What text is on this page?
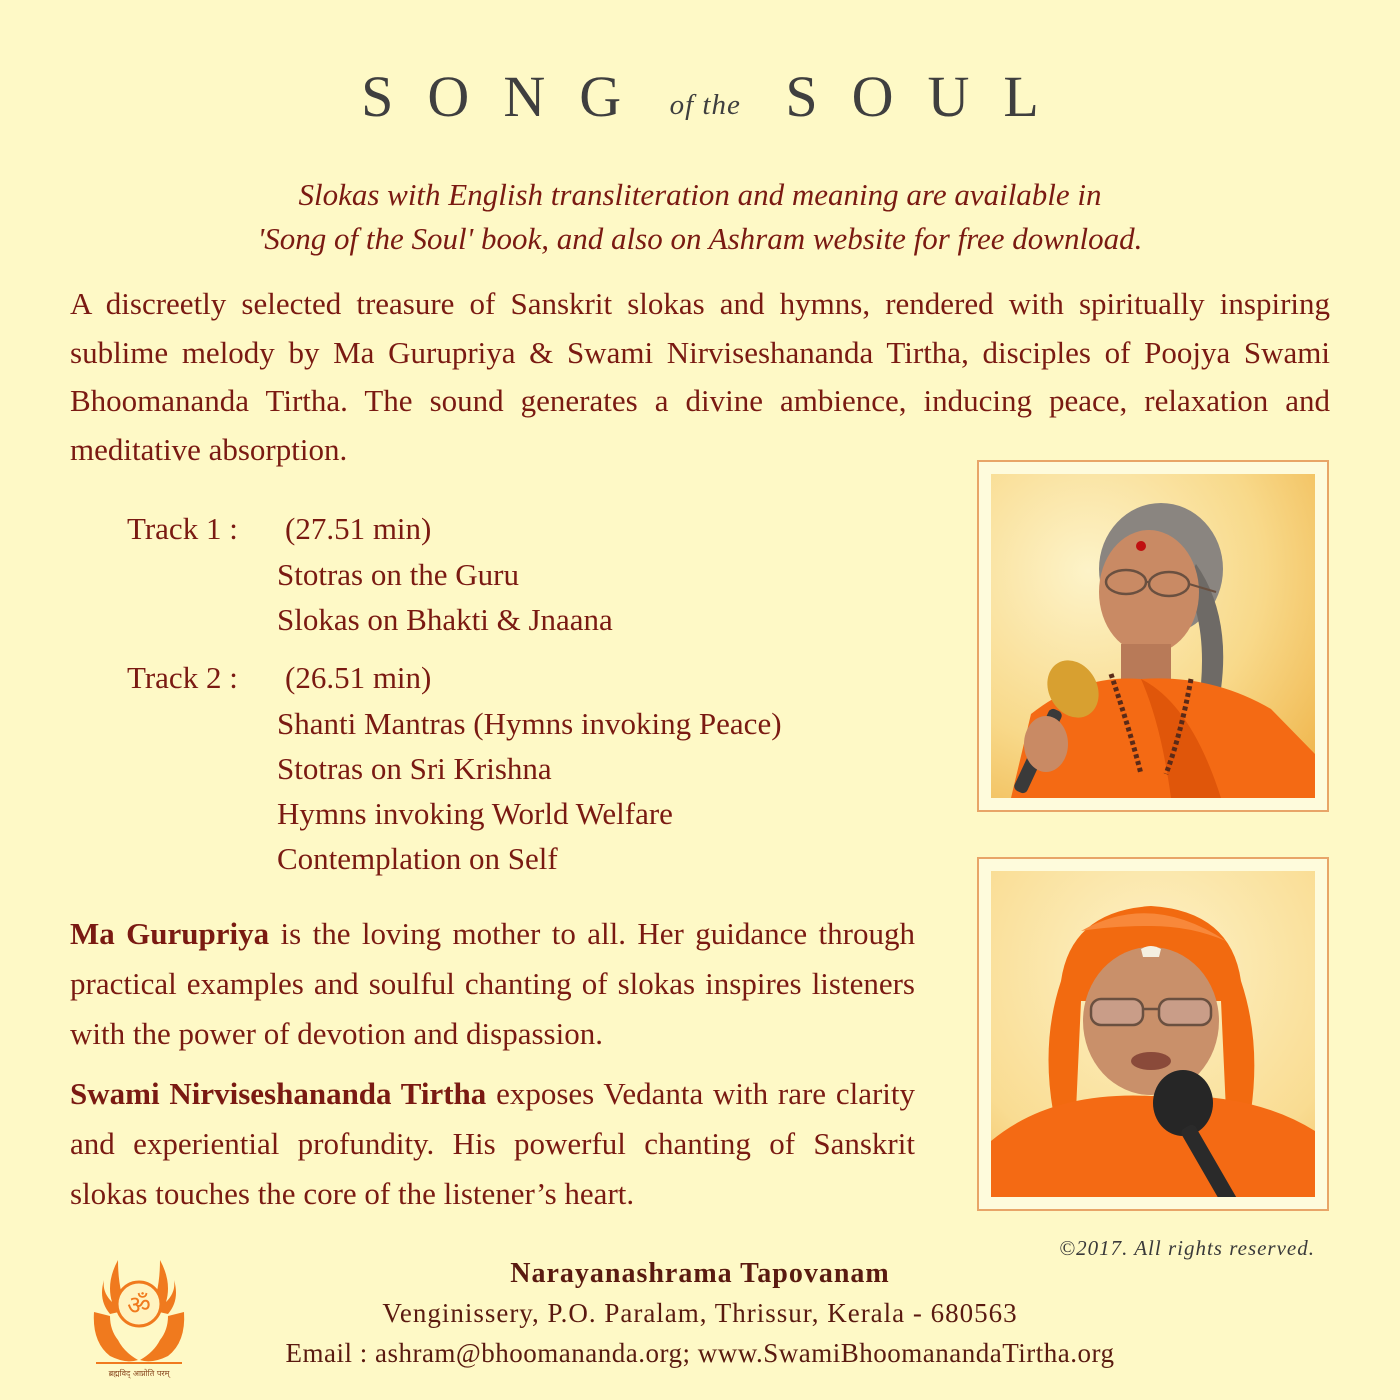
SONG of the SOUL
Slokas with English transliteration and meaning are available in
'Song of the Soul' book, and also on Ashram website for free download.
A discreetly selected treasure of Sanskrit slokas and hymns, rendered with spiritually inspiring sublime melody by Ma Gurupriya & Swami Nirviseshananda Tirtha, disciples of Poojya Swami Bhoomananda Tirtha. The sound generates a divine ambience, inducing peace, relaxation and meditative absorption.
Track 1 : (27.51 min)
Stotras on the Guru
Slokas on Bhakti & Jnaana
Track 2 : (26.51 min)
Shanti Mantras (Hymns invoking Peace)
Stotras on Sri Krishna
Hymns invoking World Welfare
Contemplation on Self
Ma Gurupriya is the loving mother to all. Her guidance through practical examples and soulful chanting of slokas inspires listeners with the power of devotion and dispassion.
Swami Nirviseshananda Tirtha exposes Vedanta with rare clarity and experiential profundity. His powerful chanting of Sanskrit slokas touches the core of the listener’s heart.
©2017. All rights reserved.
Narayanashrama Tapovanam
Venginissery, P.O. Paralam, Thrissur, Kerala - 680563
Email : ashram@bhoomananda.org; www.SwamiBhoomanandaTirtha.org
ॐ
ब्रह्मविद् आप्नोति परम्
